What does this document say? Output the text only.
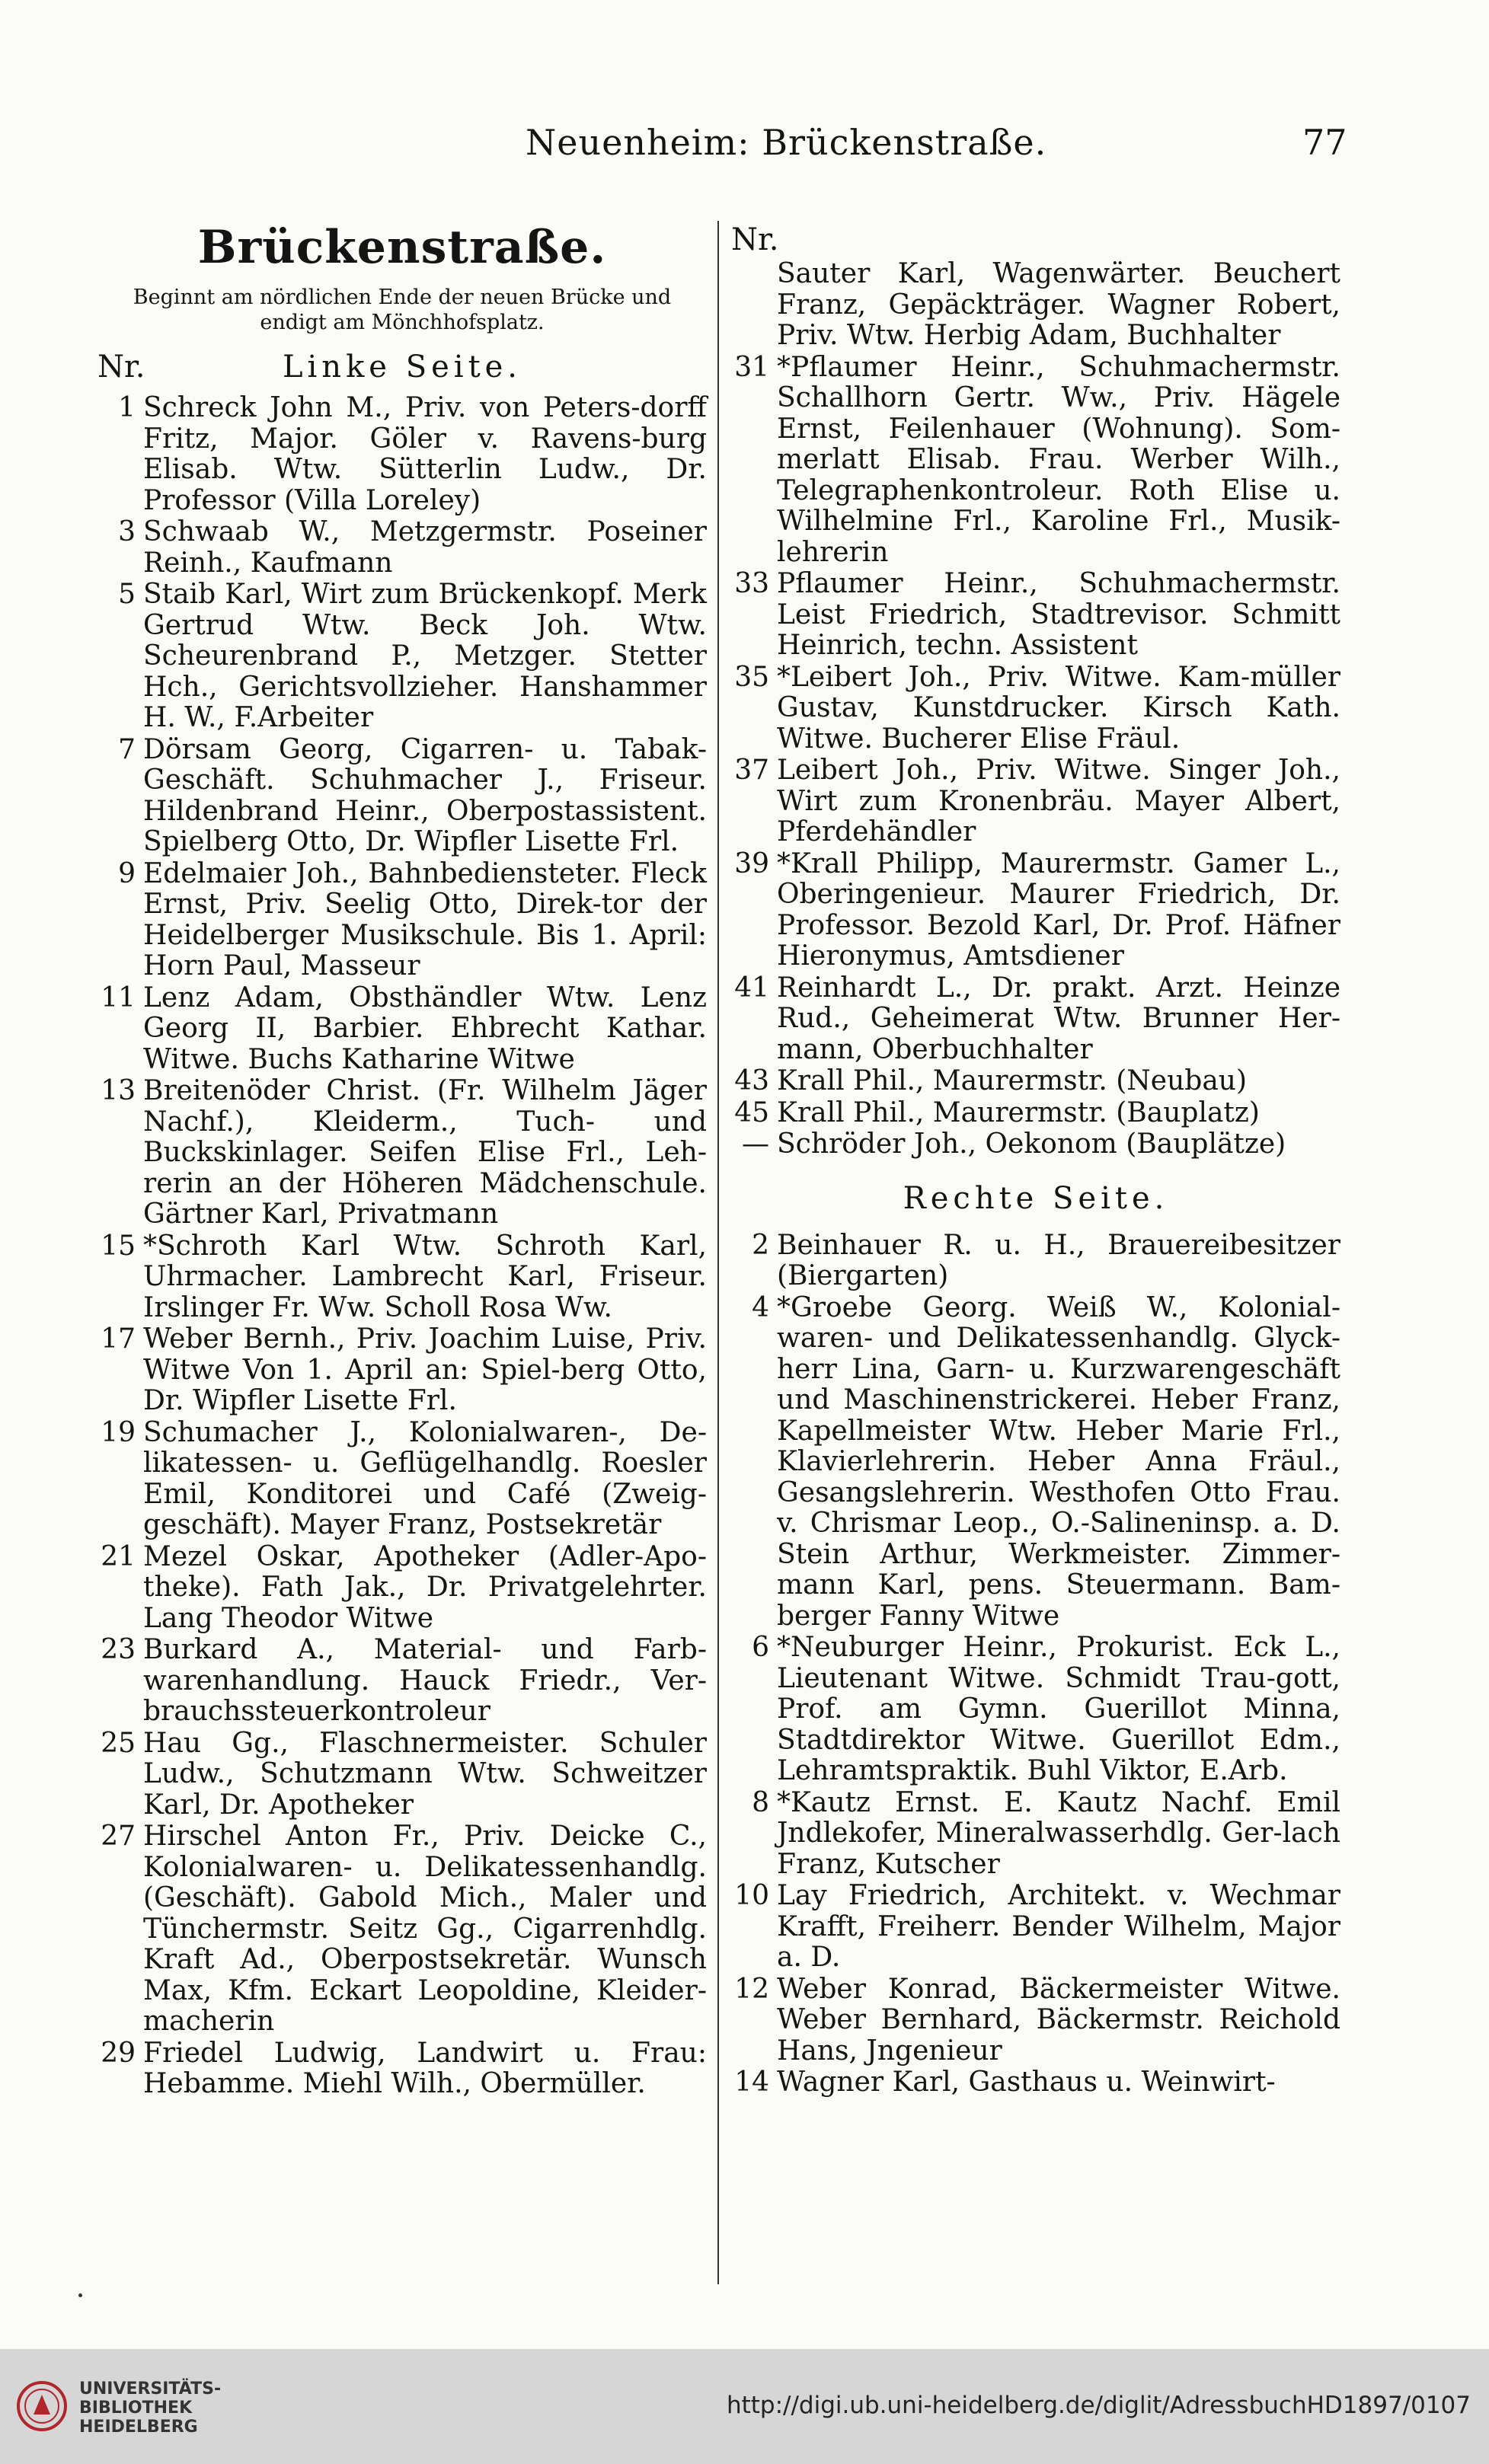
Neuenheim: Brückenstraße.	77
Brückenstraße.

Beginnt am nördlichen Ende der neuen Brücke und endigt am Mönchhofsplatz.

Nr.	Linke Seite.
1 Schreck John M., Priv. von Peters-dorff Fritz, Major. Göler v. Ravens-burg Elisab. Wtw. Sütterlin Ludw., Dr. Professor (Villa Loreley)
3 Schwaab W., Metzgermstr. Poseiner Reinh., Kaufmann
5 Staib Karl, Wirt zum Brückenkopf. Merk Gertrud Wtw. Beck Joh. Wtw. Scheurenbrand P., Metzger. Stetter Hch., Gerichtsvollzieher. Hanshammer H. W., F.Arbeiter
7 Dörsam Georg, Cigarren- u. Tabak-Geschäft. Schuhmacher J., Friseur. Hildenbrand Heinr., Oberpostassistent. Spielberg Otto, Dr. Wipfler Lisette Frl.
9 Edelmaier Joh., Bahnbediensteter. Fleck Ernst, Priv. Seelig Otto, Direk-tor der Heidelberger Musikschule. Bis 1. April: Horn Paul, Masseur
11 Lenz Adam, Obsthändler Wtw. Lenz Georg II, Barbier. Ehbrecht Kathar. Witwe. Buchs Katharine Witwe
13 Breitenöder Christ. (Fr. Wilhelm Jäger Nachf.), Kleiderm., Tuch- und Buckskinlager. Seifen Elise Frl., Leh-rerin an der Höheren Mädchenschule. Gärtner Karl, Privatmann
15 *Schroth Karl Wtw. Schroth Karl, Uhrmacher. Lambrecht Karl, Friseur. Irslinger Fr. Ww. Scholl Rosa Ww.
17 Weber Bernh., Priv. Joachim Luise, Priv. Witwe Von 1. April an: Spiel-berg Otto, Dr. Wipfler Lisette Frl.
19 Schumacher J., Kolonialwaren-, De-likatessen- u. Geflügelhandlg. Roesler Emil, Konditorei und Café (Zweig-geschäft). Mayer Franz, Postsekretär
21 Mezel Oskar, Apotheker (Adler-Apo-theke). Fath Jak., Dr. Privatgelehrter. Lang Theodor Witwe
23 Burkard A., Material- und Farb-warenhandlung. Hauck Friedr., Ver-brauchssteuerkontroleur
25 Hau Gg., Flaschnermeister. Schuler Ludw., Schutzmann Wtw. Schweitzer Karl, Dr. Apotheker
27 Hirschel Anton Fr., Priv. Deicke C., Kolonialwaren- u. Delikatessenhandlg. (Geschäft). Gabold Mich., Maler und Tünchermstr. Seitz Gg., Cigarrenhdlg. Kraft Ad., Oberpostsekretär. Wunsch Max, Kfm. Eckart Leopoldine, Kleider-macherin
29 Friedel Ludwig, Landwirt u. Frau: Hebamme. Miehl Wilh., Obermüller.
Nr.
Sauter Karl, Wagenwärter. Beuchert Franz, Gepäckträger. Wagner Robert, Priv. Wtw. Herbig Adam, Buchhalter
31 *Pflaumer Heinr., Schuhmachermstr. Schallhorn Gertr. Ww., Priv. Hägele Ernst, Feilenhauer (Wohnung). Som-merlatt Elisab. Frau. Werber Wilh., Telegraphenkontroleur. Roth Elise u. Wilhelmine Frl., Karoline Frl., Musik-lehrerin
33 Pflaumer Heinr., Schuhmachermstr. Leist Friedrich, Stadtrevisor. Schmitt Heinrich, techn. Assistent
35 *Leibert Joh., Priv. Witwe. Kam-müller Gustav, Kunstdrucker. Kirsch Kath. Witwe. Bucherer Elise Fräul.
37 Leibert Joh., Priv. Witwe. Singer Joh., Wirt zum Kronenbräu. Mayer Albert, Pferdehändler
39 *Krall Philipp, Maurermstr. Gamer L., Oberingenieur. Maurer Friedrich, Dr. Professor. Bezold Karl, Dr. Prof. Häfner Hieronymus, Amtsdiener
41 Reinhardt L., Dr. prakt. Arzt. Heinze Rud., Geheimerat Wtw. Brunner Her-mann, Oberbuchhalter
43 Krall Phil., Maurermstr. (Neubau)
45 Krall Phil., Maurermstr. (Bauplatz)
— Schröder Joh., Oekonom (Bauplätze)
Rechte Seite.
2 Beinhauer R. u. H., Brauereibesitzer (Biergarten)
4 *Groebe Georg. Weiß W., Kolonial-waren- und Delikatessenhandlg. Glyck-herr Lina, Garn- u. Kurzwarengeschäft und Maschinenstrickerei. Heber Franz, Kapellmeister Wtw. Heber Marie Frl., Klavierlehrerin. Heber Anna Fräul., Gesangslehrerin. Westhofen Otto Frau. v. Chrismar Leop., O.-Salineninsp. a. D. Stein Arthur, Werkmeister. Zimmer-mann Karl, pens. Steuermann. Bam-berger Fanny Witwe
6 *Neuburger Heinr., Prokurist. Eck L., Lieutenant Witwe. Schmidt Trau-gott, Prof. am Gymn. Guerillot Minna, Stadtdirektor Witwe. Guerillot Edm., Lehramtspraktik. Buhl Viktor, E.Arb.
8 *Kautz Ernst. E. Kautz Nachf. Emil Jndlekofer, Mineralwasserhdlg. Ger-lach Franz, Kutscher
10 Lay Friedrich, Architekt. v. Wechmar Krafft, Freiherr. Bender Wilhelm, Major a. D.
12 Weber Konrad, Bäckermeister Witwe. Weber Bernhard, Bäckermstr. Reichold Hans, Jngenieur
14 Wagner Karl, Gasthaus u. Weinwirt-
UNIVERSITÄTS-
BIBLIOTHEK
HEIDELBERG
http://digi.ub.uni-heidelberg.de/diglit/AdressbuchHD1897/0107
